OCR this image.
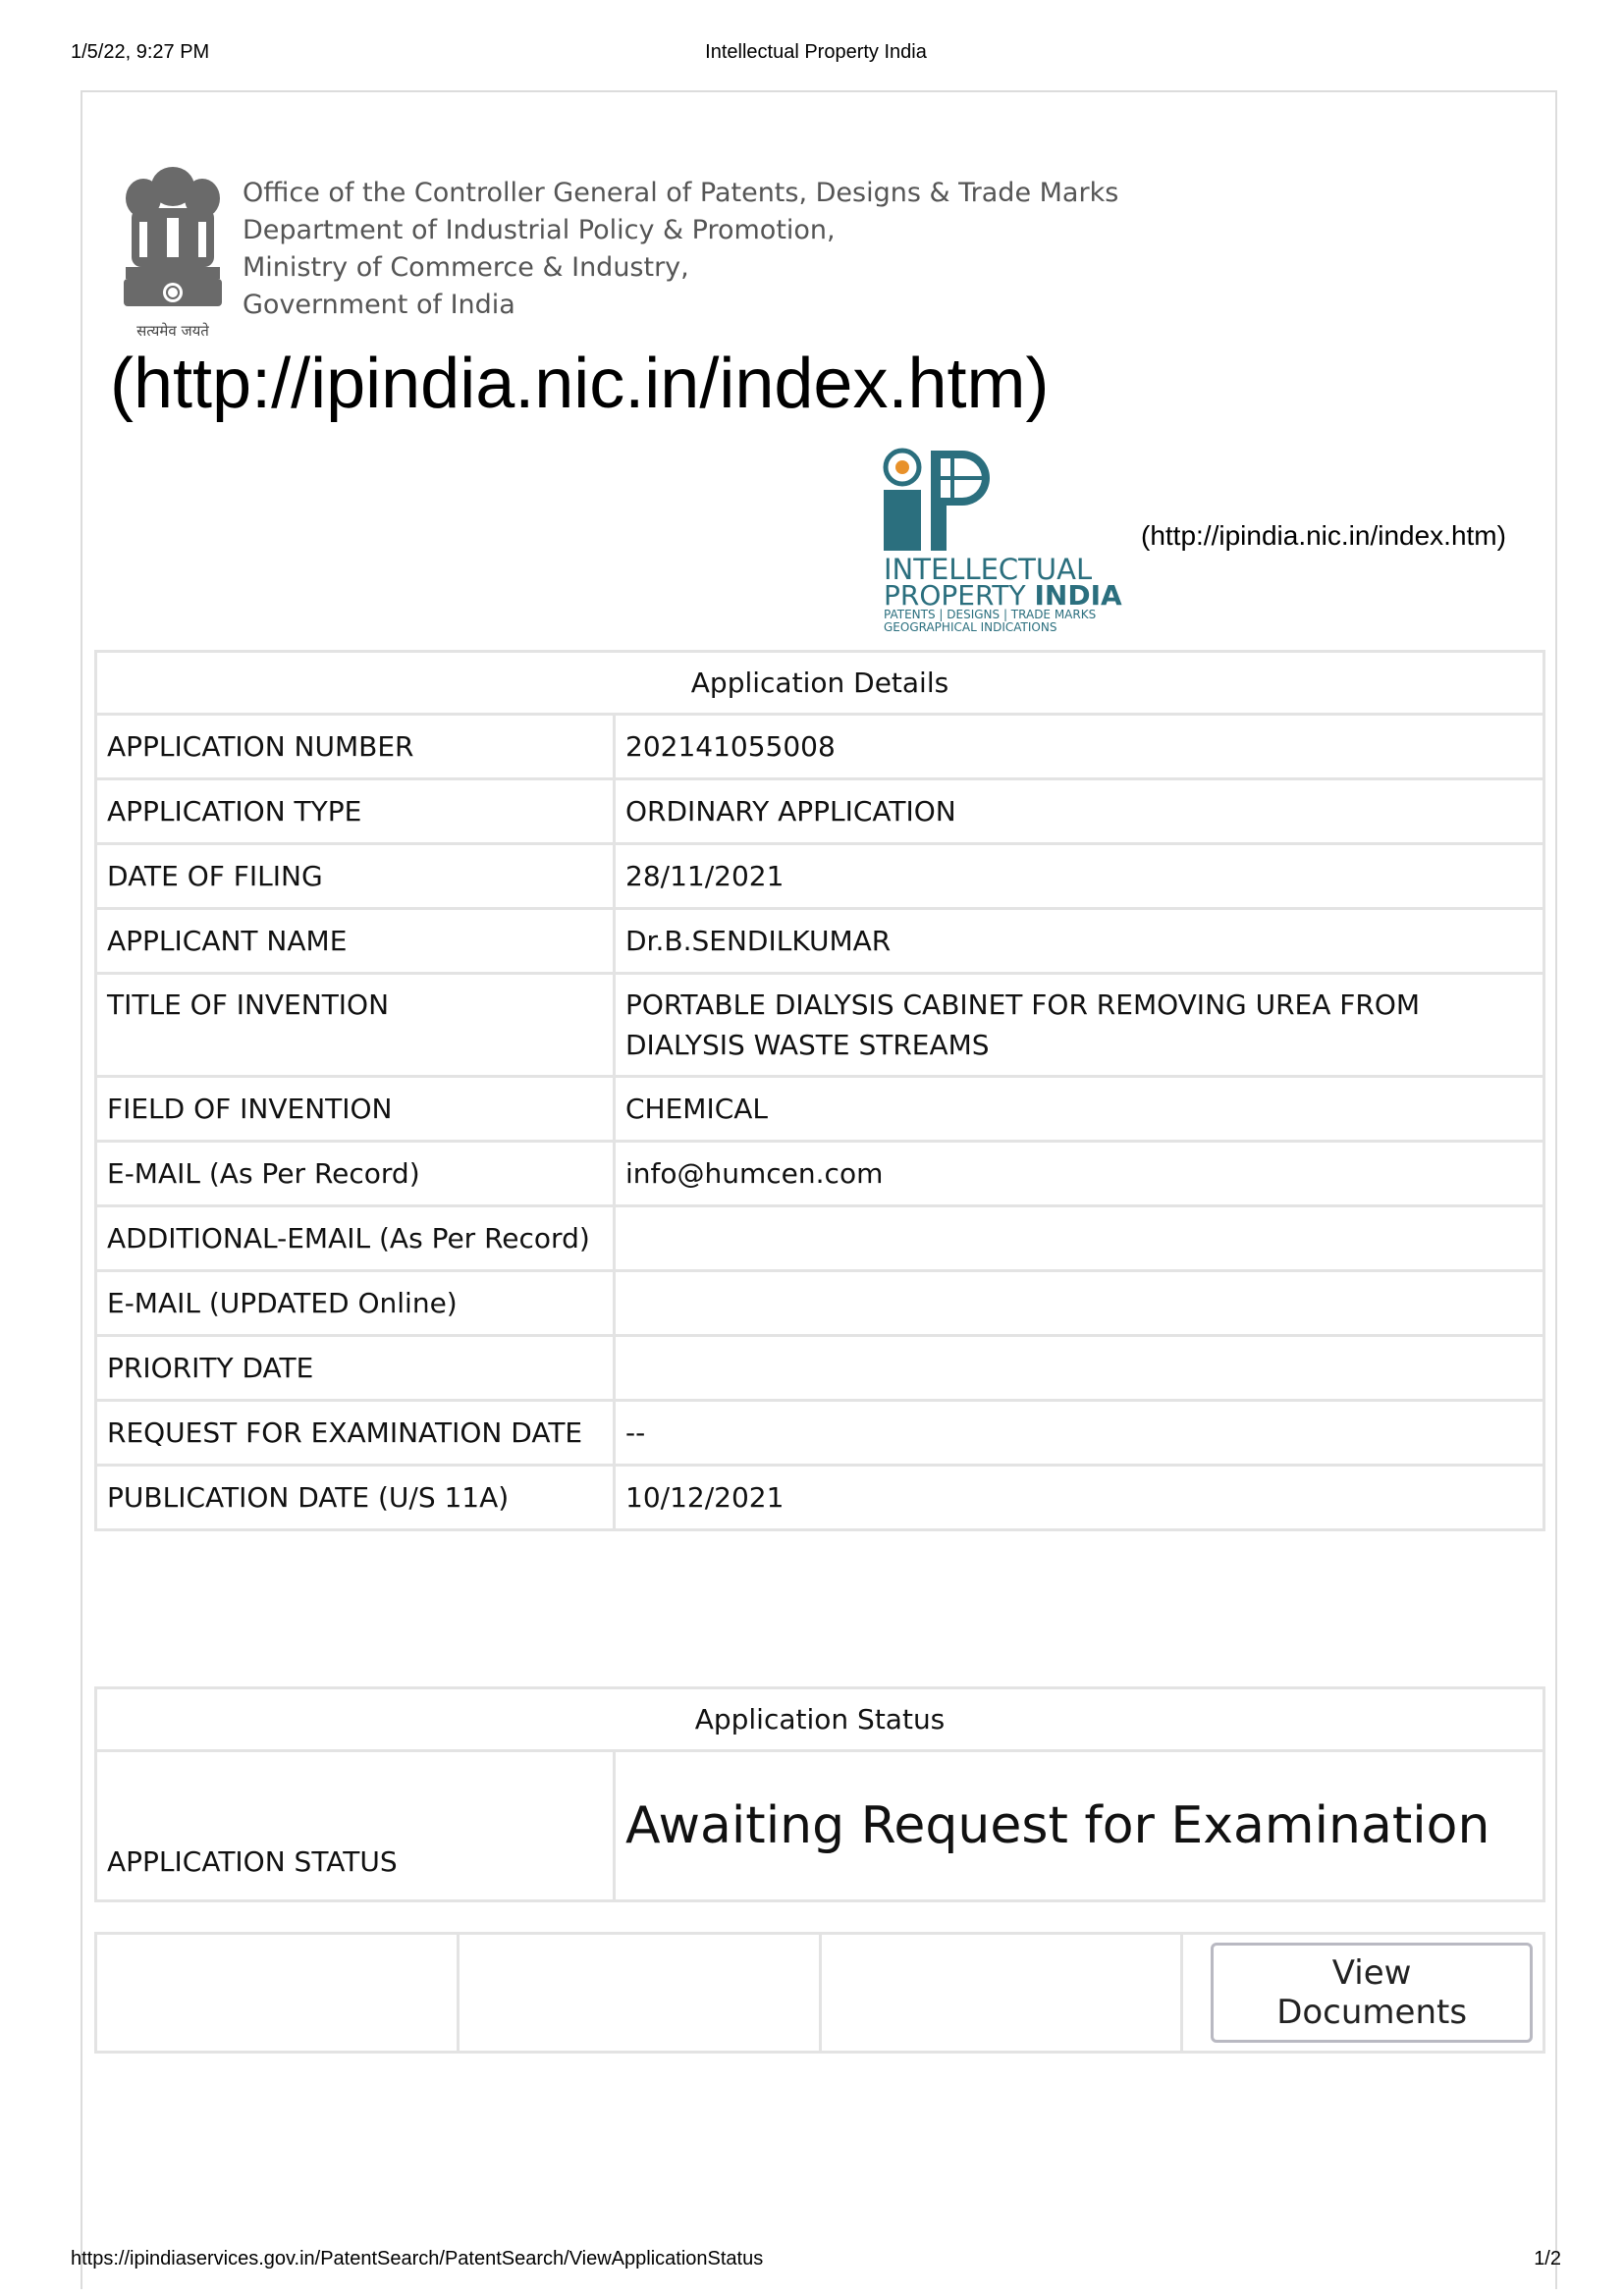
1/5/22, 9:27 PM	Intellectual Property India
सत्यमेव जयते
Office of the Controller General of Patents, Designs & Trade Marks
Department of Industrial Policy & Promotion,
Ministry of Commerce & Industry,
Government of India
(http://ipindia.nic.in/index.htm)
INTELLECTUAL
PROPERTY INDIA
PATENTS | DESIGNS | TRADE MARKS
GEOGRAPHICAL INDICATIONS
(http://ipindia.nic.in/index.htm)
Application Details	
APPLICATION NUMBER	202141055008
APPLICATION TYPE	ORDINARY APPLICATION
DATE OF FILING	28/11/2021
APPLICANT NAME	Dr.B.SENDILKUMAR
TITLE OF INVENTION	PORTABLE DIALYSIS CABINET FOR REMOVING UREA FROM DIALYSIS WASTE STREAMS
FIELD OF INVENTION	CHEMICAL
E-MAIL (As Per Record)	info@humcen.com
ADDITIONAL-EMAIL (As Per Record)	
E-MAIL (UPDATED Online)	
PRIORITY DATE	
REQUEST FOR EXAMINATION DATE	--
PUBLICATION DATE (U/S 11A)	10/12/2021
Application Status
APPLICATION STATUS	Awaiting Request for Examination
			View Documents
https://ipindiaservices.gov.in/PatentSearch/PatentSearch/ViewApplicationStatus	1/2
